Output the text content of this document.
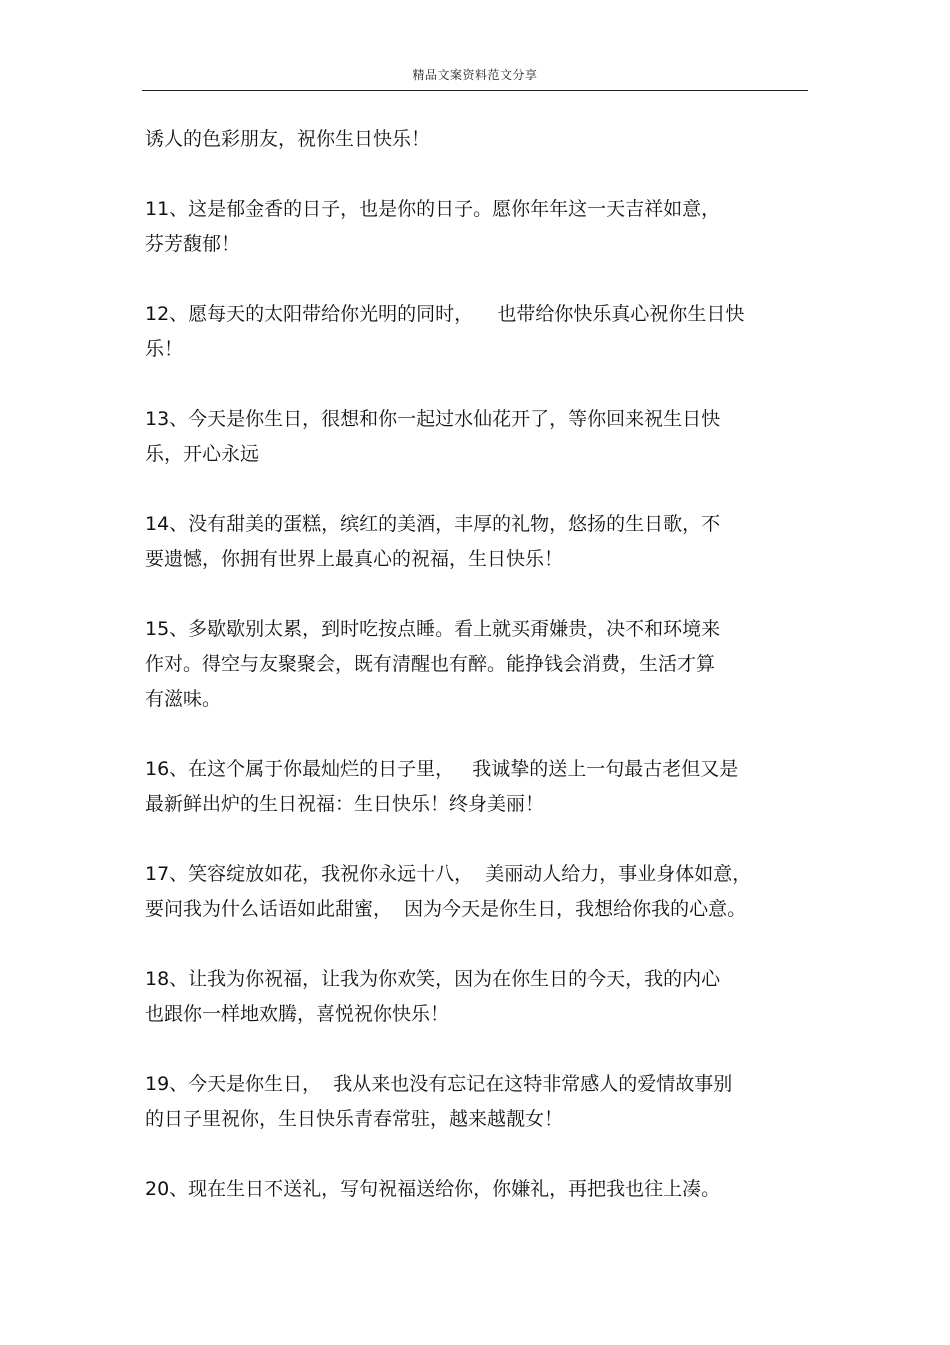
精品文案资料范文分享

诱人的色彩朋友，祝你生日快乐！

11、这是郁金香的日子，也是你的日子。愿你年年这一天吉祥如意，
芬芳馥郁！

12、愿每天的太阳带给你光明的同时，    也带给你快乐真心祝你生日快
乐！

13、今天是你生日，很想和你一起过水仙花开了，等你回来祝生日快
乐，开心永远

14、没有甜美的蛋糕，缤红的美酒，丰厚的礼物，悠扬的生日歌，不
要遗憾，你拥有世界上最真心的祝福，生日快乐！

15、多歇歇别太累，到时吃按点睡。看上就买甭嫌贵，决不和环境来
作对。得空与友聚聚会，既有清醒也有醉。能挣钱会消费，生活才算
有滋味。

16、在这个属于你最灿烂的日子里，   我诚挚的送上一句最古老但又是
最新鲜出炉的生日祝福：生日快乐！终身美丽！

17、笑容绽放如花，我祝你永远十八，  美丽动人给力，事业身体如意，
要问我为什么话语如此甜蜜，  因为今天是你生日，我想给你我的心意。

18、让我为你祝福，让我为你欢笑，因为在你生日的今天，我的内心
也跟你一样地欢腾，喜悦祝你快乐！

19、今天是你生日，  我从来也没有忘记在这特非常感人的爱情故事别
的日子里祝你，生日快乐青春常驻，越来越靓女！

20、现在生日不送礼，写句祝福送给你，你嫌礼，再把我也往上凑。
